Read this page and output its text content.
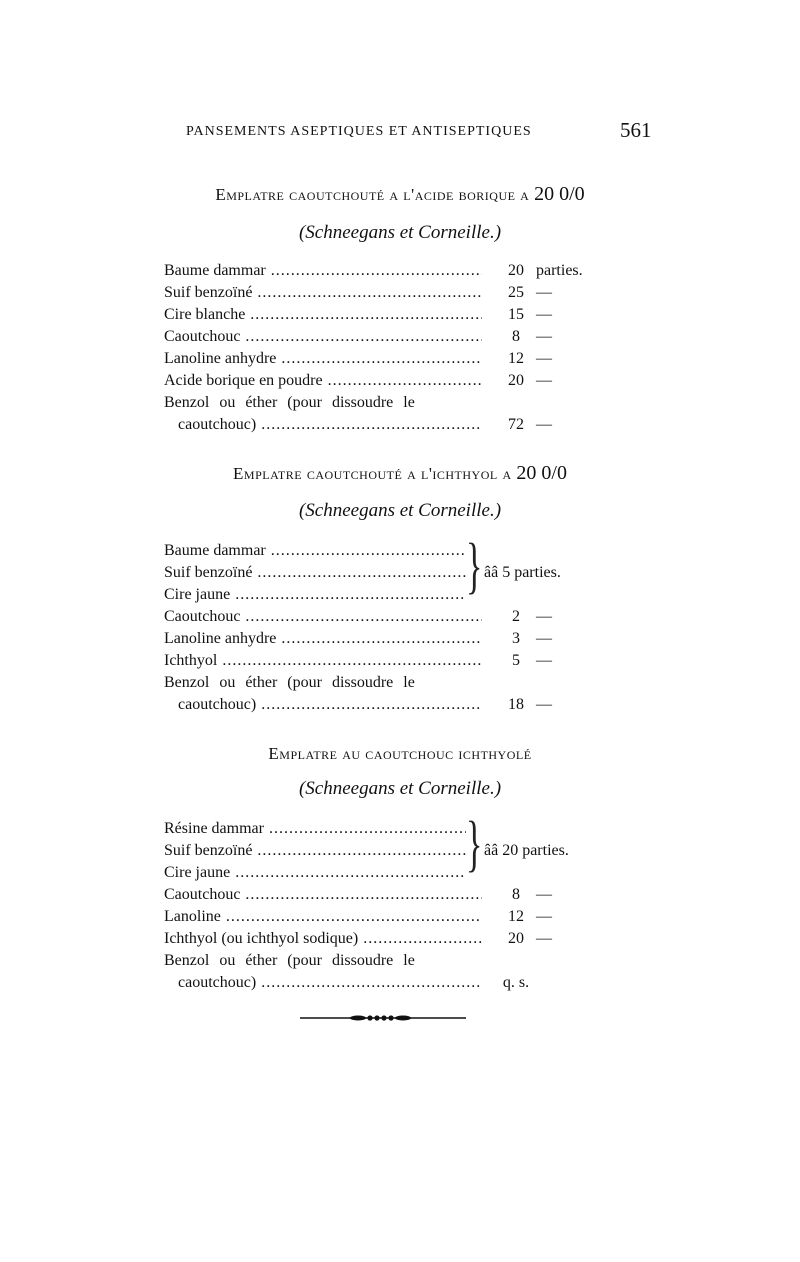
PANSEMENTS ASEPTIQUES ET ANTISEPTIQUES	561
Emplatre caoutchouté a l'acide borique a 20 0/0
(Schneegans et Corneille.)
Baume dammar .....	20 parties.
Suif benzoïné .....	25 —
Cire blanche .....	15 —
Caoutchouc .....	8	—
Lanoline anhydre .....	12 —
Acide borique en poudre .....	20 —
Benzol ou éther (pour dissoudre le
caoutchouc) .....	72 —
Emplatre caoutchouté a l'ichthyol a 20 0/0
(Schneegans et Corneille.)
Baume dammar .....
Suif benzoïné .....
Cire jaune .....	} ââ 5 parties.
Caoutchouc .....	2	—
Lanoline anhydre .....	3	—
Ichthyol .....	5	—
Benzol ou éther (pour dissoudre le
caoutchouc) .....	18 —
Emplatre au caoutchouc ichthyolé
(Schneegans et Corneille.)
Résine dammar .....
Suif benzoïné .....
Cire jaune .....	} ââ 20 parties.
Caoutchouc .....	8	—
Lanoline .....	12 —
Ichthyol (ou ichthyol sodique) .....	20 —
Benzol ou éther (pour dissoudre le
caoutchouc) .....	q. s.
